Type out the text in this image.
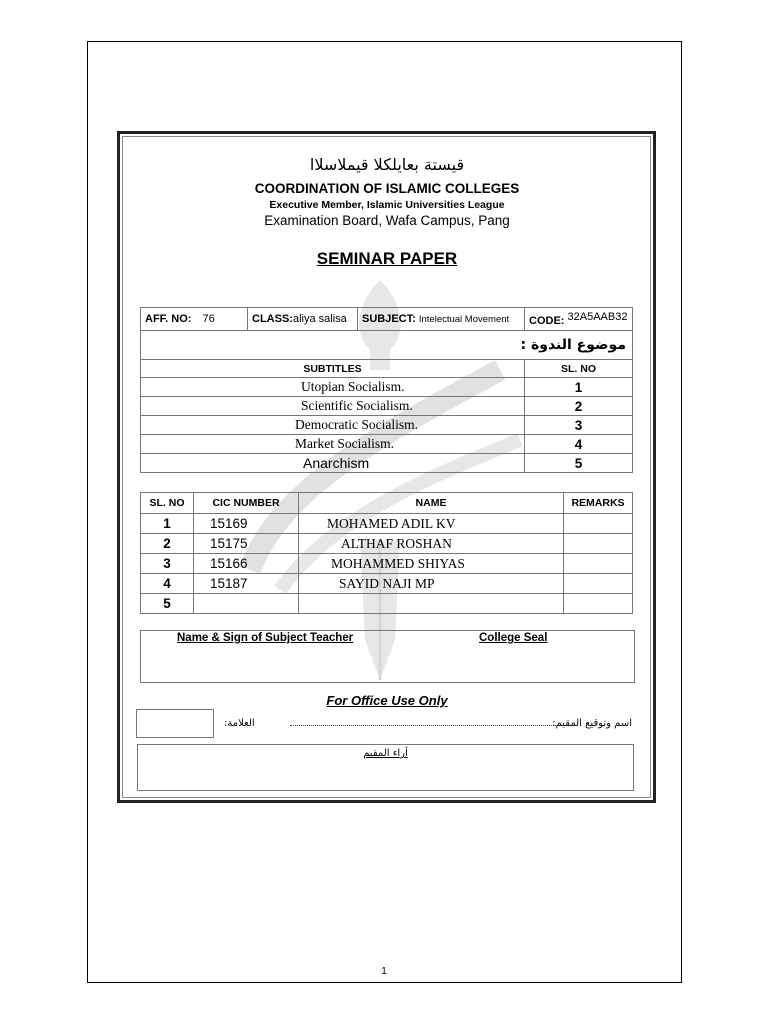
قيستة بعايلكلا قيملاسلاا
COORDINATION OF ISLAMIC COLLEGES
Executive Member, Islamic Universities League
Examination Board, Wafa Campus, Pang
SEMINAR PAPER
AFF. NO: 76	CLASS:aliya salisa	SUBJECT: Intelectual Movement	CODE: 32A5AAB32
موضوع الندوة :			
SUBTITLES			SL. NO
Utopian Socialism.			1
Scientific Socialism.			2
Democratic Socialism.			3
Market Socialism.			4
Anarchism			5
SL. NO	CIC NUMBER	NAME	REMARKS
1	15169	MOHAMED ADIL KV	
2	15175	ALTHAF ROSHAN	
3	15166	MOHAMMED SHIYAS	
4	15187	SAYID NAJI MP	
5			
Name & Sign of Subject Teacher	College Seal
For Office Use Only
العلامة:	اسم وتوقيع المقيم:
آراء المقيم
1
